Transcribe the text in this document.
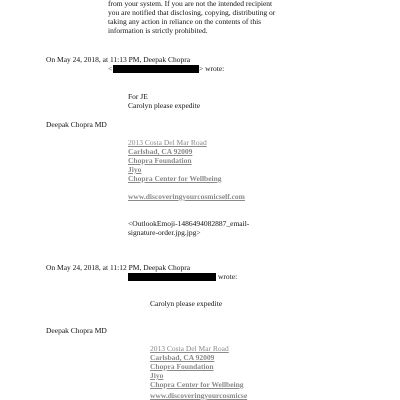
from your system. If you are not the intended recipient
you are notified that disclosing, copying, distributing or
taking any action in reliance on the contents of this
information is strictly prohibited.
On May 24, 2018, at 11:13 PM, Deepak Chopra
<	> wrote:
For JE
Carolyn please expedite
Deepak Chopra MD
2013 Costa Del Mar Road
Carlsbad, CA 92009
Chopra Foundation
Jiyo
Chopra Center for Wellbeing
www.discoveringyourcosmicself.com
<OutlookEmoji-1486494082887_email-
signature-order.jpg.jpg>
On May 24, 2018, at 11:12 PM, Deepak Chopra
wrote:
Carolyn please expedite
Deepak Chopra MD
2013 Costa Del Mar Road
Carlsbad, CA 92009
Chopra Foundation
Jiyo
Chopra Center for Wellbeing
www.discoveringyourcosmicse
